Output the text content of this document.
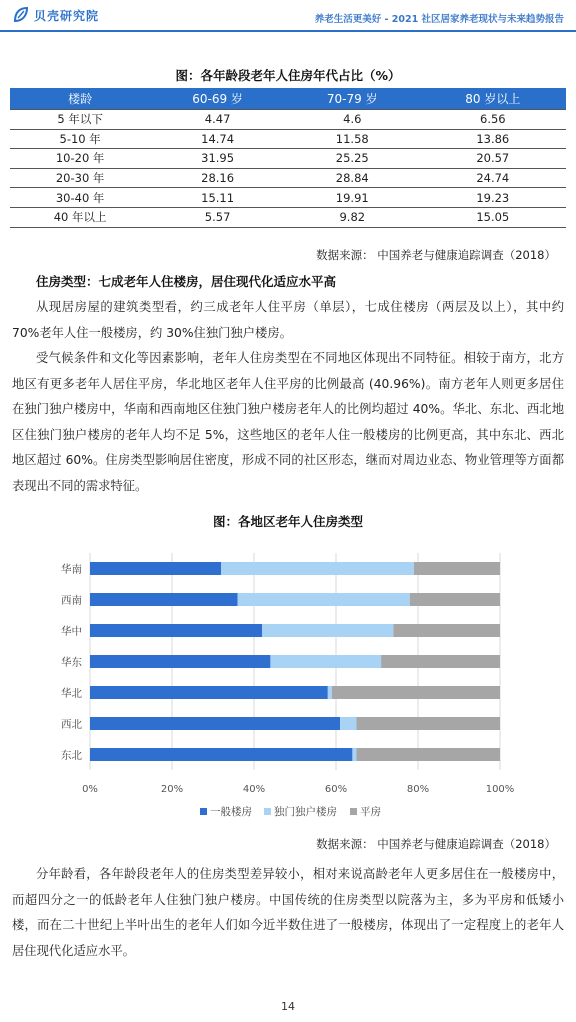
贝壳研究院	养老生活更美好 - 2021 社区居家养老现状与未来趋势报告
图：各年龄段老年人住房年代占比（%）
楼龄	60-69 岁	70-79 岁	80 岁以上
5 年以下	4.47	4.6	6.56
5-10 年	14.74	11.58	13.86
10-20 年	31.95	25.25	20.57
20-30 年	28.16	28.84	24.74
30-40 年	15.11	19.91	19.23
40 年以上	5.57	9.82	15.05
数据来源： 中国养老与健康追踪调查（2018）
住房类型：七成老年人住楼房，居住现代化适应水平高
从现居房屋的建筑类型看，约三成老年人住平房（单层），七成住楼房（两层及以上），其中约 70%老年人住一般楼房，约 30%住独门独户楼房。
受气候条件和文化等因素影响，老年人住房类型在不同地区体现出不同特征。相较于南方，北方地区有更多老年人居住平房，华北地区老年人住平房的比例最高 (40.96%)。南方老年人则更多居住在独门独户楼房中，华南和西南地区住独门独户楼房老年人的比例均超过 40%。华北、东北、西北地区住独门独户楼房的老年人均不足 5%，这些地区的老年人住一般楼房的比例更高，其中东北、西北地区超过 60%。住房类型影响居住密度，形成不同的社区形态，继而对周边业态、物业管理等方面都表现出不同的需求特征。
图：各地区老年人住房类型
0%	20%	40%	60%	80%	100%
华南
西南
华中
华东
华北
西北
东北
一般楼房 独门独户楼房 平房
数据来源： 中国养老与健康追踪调查（2018）
分年龄看，各年龄段老年人的住房类型差异较小，相对来说高龄老年人更多居住在一般楼房中，而超四分之一的低龄老年人住独门独户楼房。中国传统的住房类型以院落为主，多为平房和低矮小楼，而在二十世纪上半叶出生的老年人们如今近半数住进了一般楼房，体现出了一定程度上的老年人居住现代化适应水平。
14
